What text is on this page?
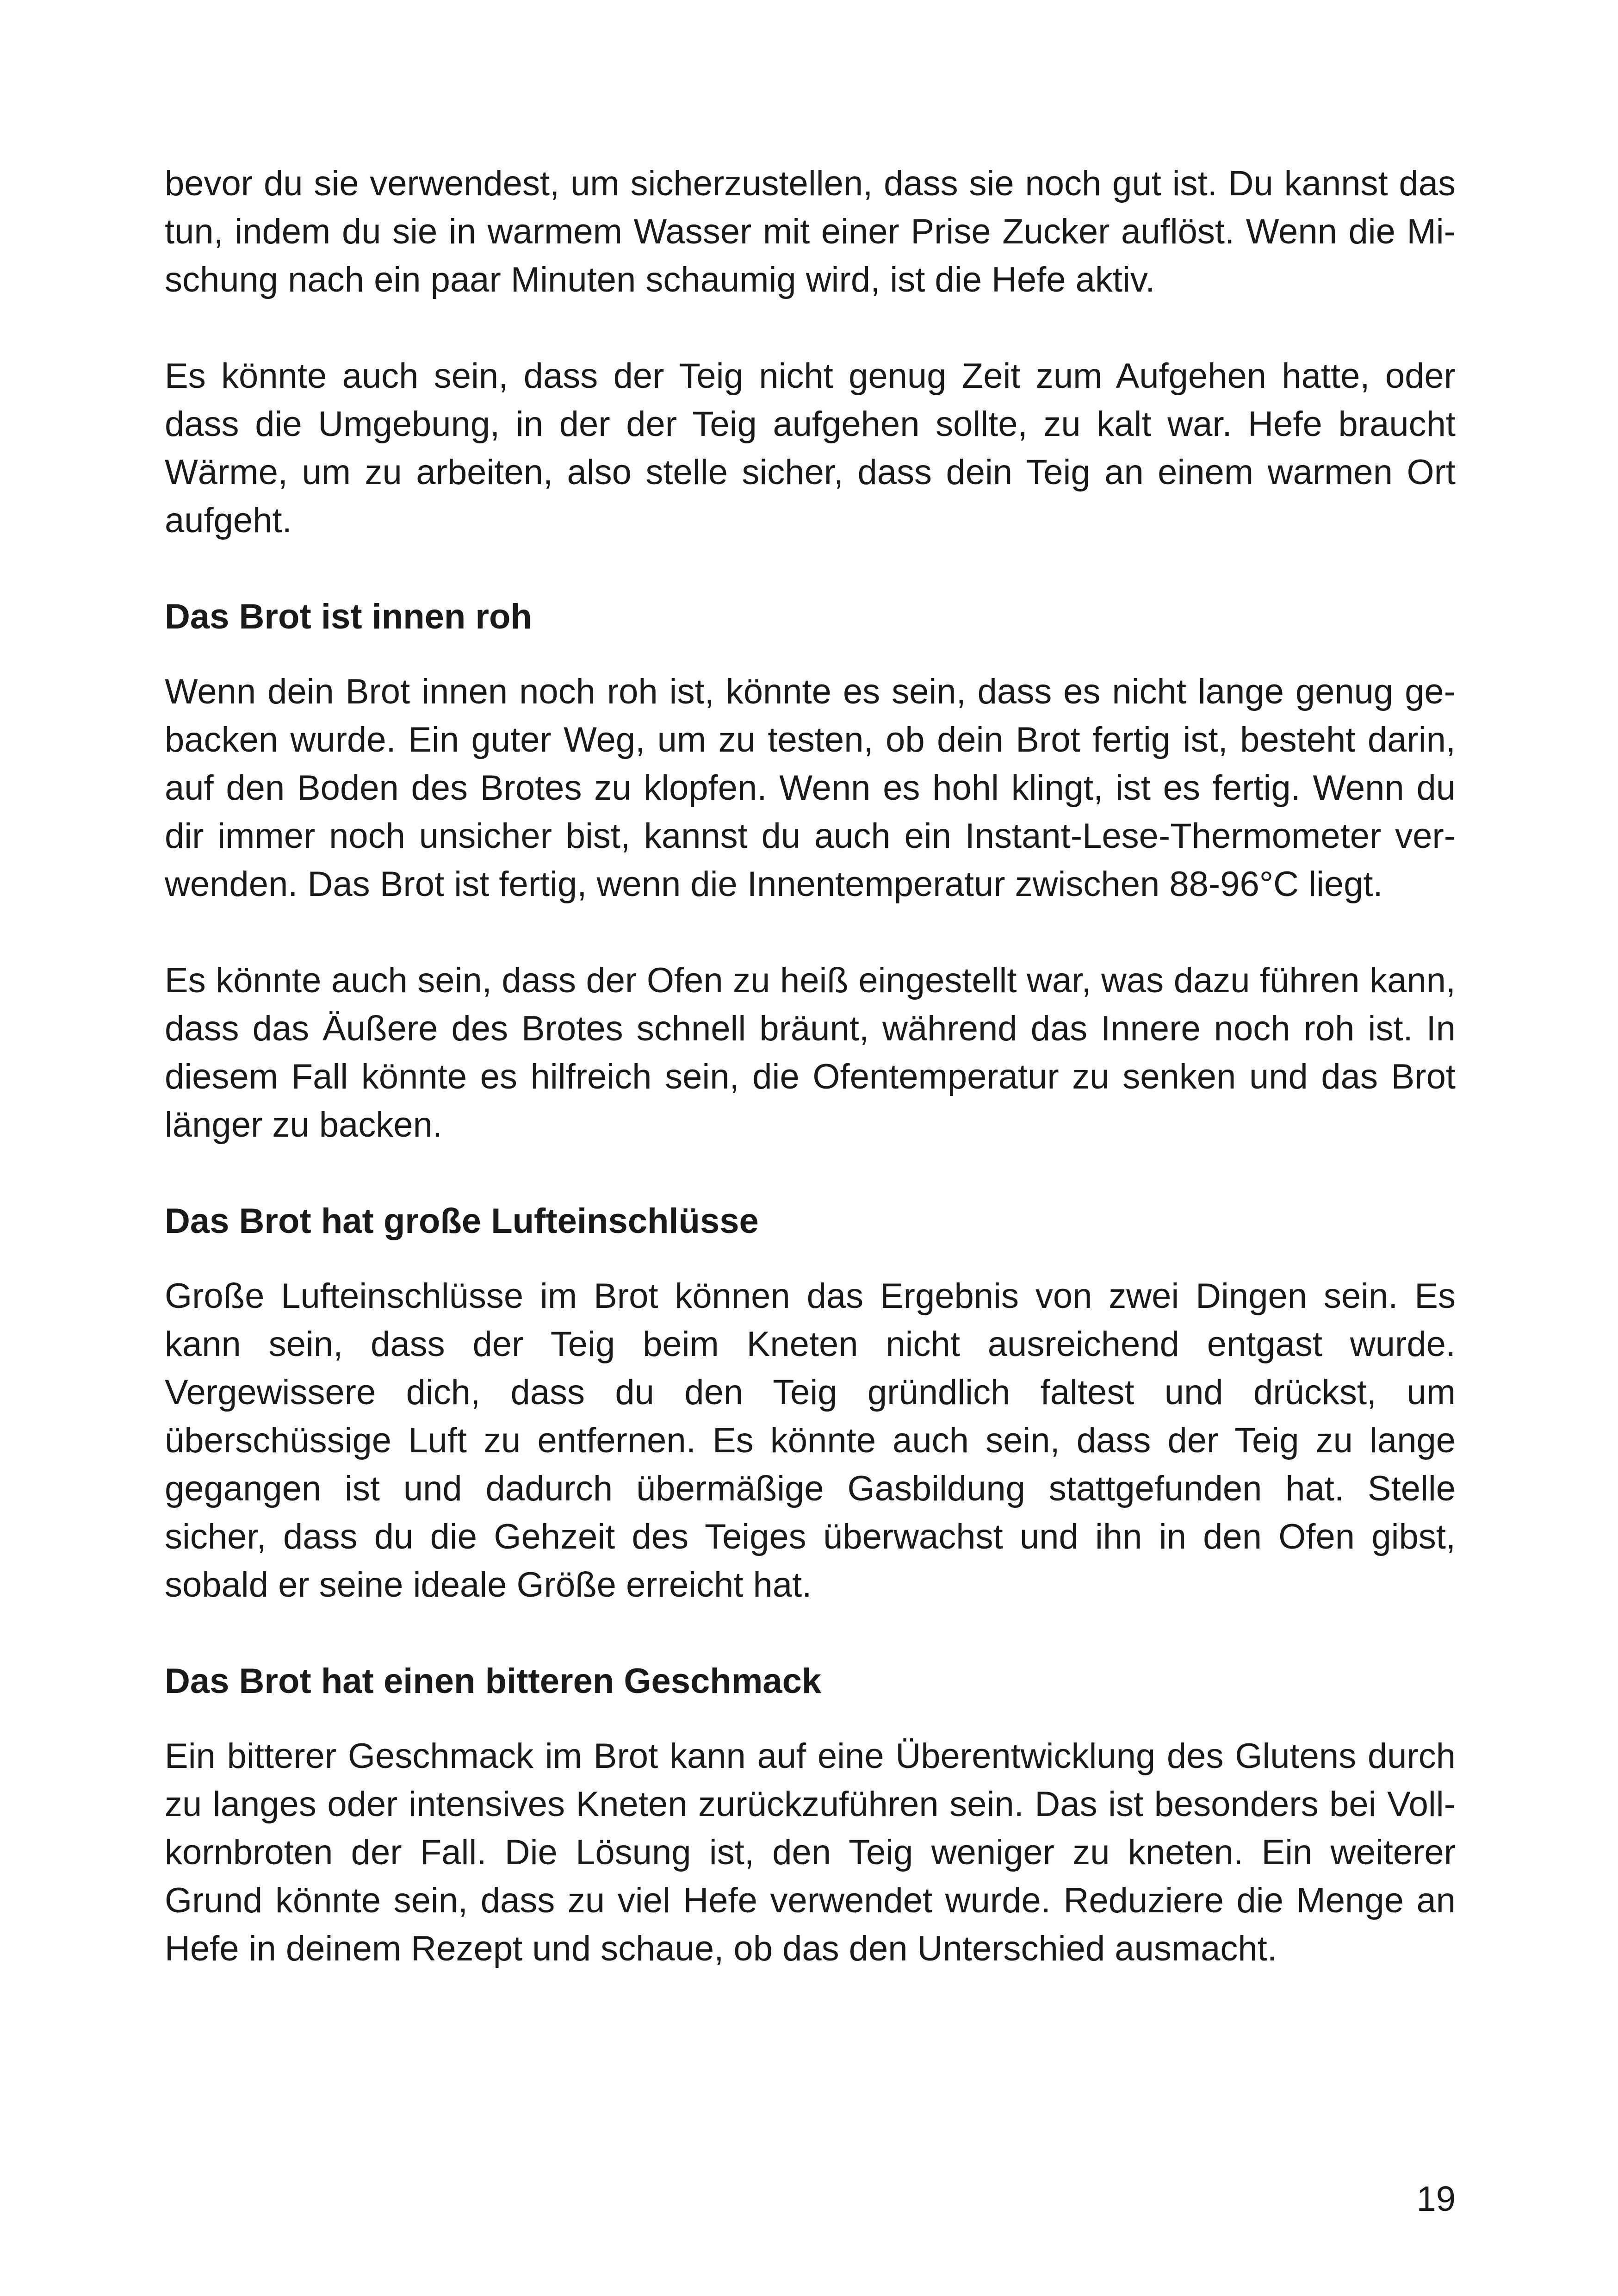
bevor du sie verwendest, um sicherzustellen, dass sie noch gut ist. Du kannst das tun, indem du sie in warmem Wasser mit einer Prise Zucker auflöst. Wenn die Mischung nach ein paar Minuten schaumig wird, ist die Hefe aktiv.

Es könnte auch sein, dass der Teig nicht genug Zeit zum Aufgehen hatte, oder dass die Umgebung, in der der Teig aufgehen sollte, zu kalt war. Hefe braucht Wärme, um zu arbeiten, also stelle sicher, dass dein Teig an einem warmen Ort aufgeht.

Das Brot ist innen roh

Wenn dein Brot innen noch roh ist, könnte es sein, dass es nicht lange genug gebacken wurde. Ein guter Weg, um zu testen, ob dein Brot fertig ist, besteht darin, auf den Boden des Brotes zu klopfen. Wenn es hohl klingt, ist es fertig. Wenn du dir immer noch unsicher bist, kannst du auch ein Instant-Lese-Thermometer verwenden. Das Brot ist fertig, wenn die Innentemperatur zwischen 88-96°C liegt.

Es könnte auch sein, dass der Ofen zu heiß eingestellt war, was dazu führen kann, dass das Äußere des Brotes schnell bräunt, während das Innere noch roh ist. In diesem Fall könnte es hilfreich sein, die Ofentemperatur zu senken und das Brot länger zu backen.

Das Brot hat große Lufteinschlüsse

Große Lufteinschlüsse im Brot können das Ergebnis von zwei Dingen sein. Es kann sein, dass der Teig beim Kneten nicht ausreichend entgast wurde. Vergewissere dich, dass du den Teig gründlich faltest und drückst, um überschüssige Luft zu entfernen. Es könnte auch sein, dass der Teig zu lange gegangen ist und dadurch übermäßige Gasbildung stattgefunden hat. Stelle sicher, dass du die Gehzeit des Teiges überwachst und ihn in den Ofen gibst, sobald er seine ideale Größe erreicht hat.

Das Brot hat einen bitteren Geschmack

Ein bitterer Geschmack im Brot kann auf eine Überentwicklung des Glutens durch zu langes oder intensives Kneten zurückzuführen sein. Das ist besonders bei Vollkornbroten der Fall. Die Lösung ist, den Teig weniger zu kneten. Ein weiterer Grund könnte sein, dass zu viel Hefe verwendet wurde. Reduziere die Menge an Hefe in deinem Rezept und schaue, ob das den Unterschied ausmacht.

19
